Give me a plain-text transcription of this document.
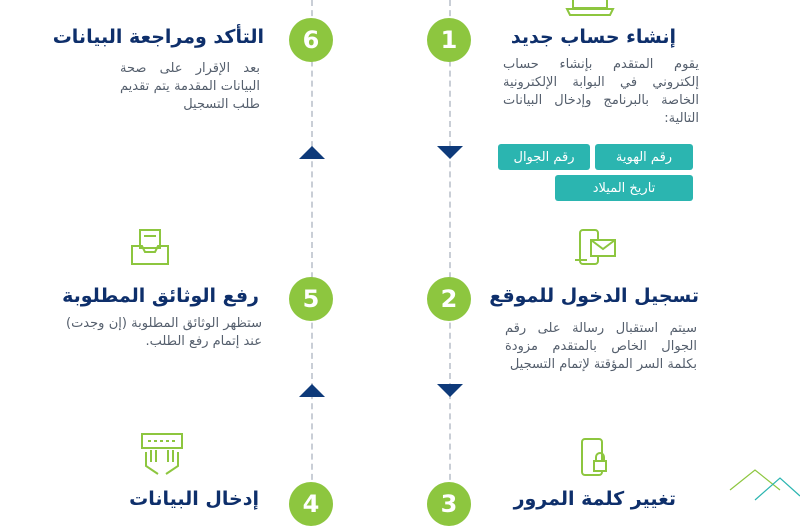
1	إنشاء حساب جديد
يقوم المتقدم بإنشاء حساب إلكتروني في البوابة الإلكترونية الخاصة بالبرنامج وإدخال البيانات التالية:
رقم الهوية
رقم الجوال
تاريخ الميلاد
6
التأكد ومراجعة البيانات
بعد الإقرار على صحة البيانات المقدمة يتم تقديم طلب التسجيل
2	تسجيل الدخول للموقع
سيتم استقبال رسالة على رقم الجوال الخاص بالمتقدم مزودة بكلمة السر المؤقتة لإتمام التسجيل
5
رفع الوثائق المطلوبة
ستظهر الوثائق المطلوبة (إن وجدت) عند إتمام رفع الطلب.
3	تغيير كلمة المرور
4
إدخال البيانات
